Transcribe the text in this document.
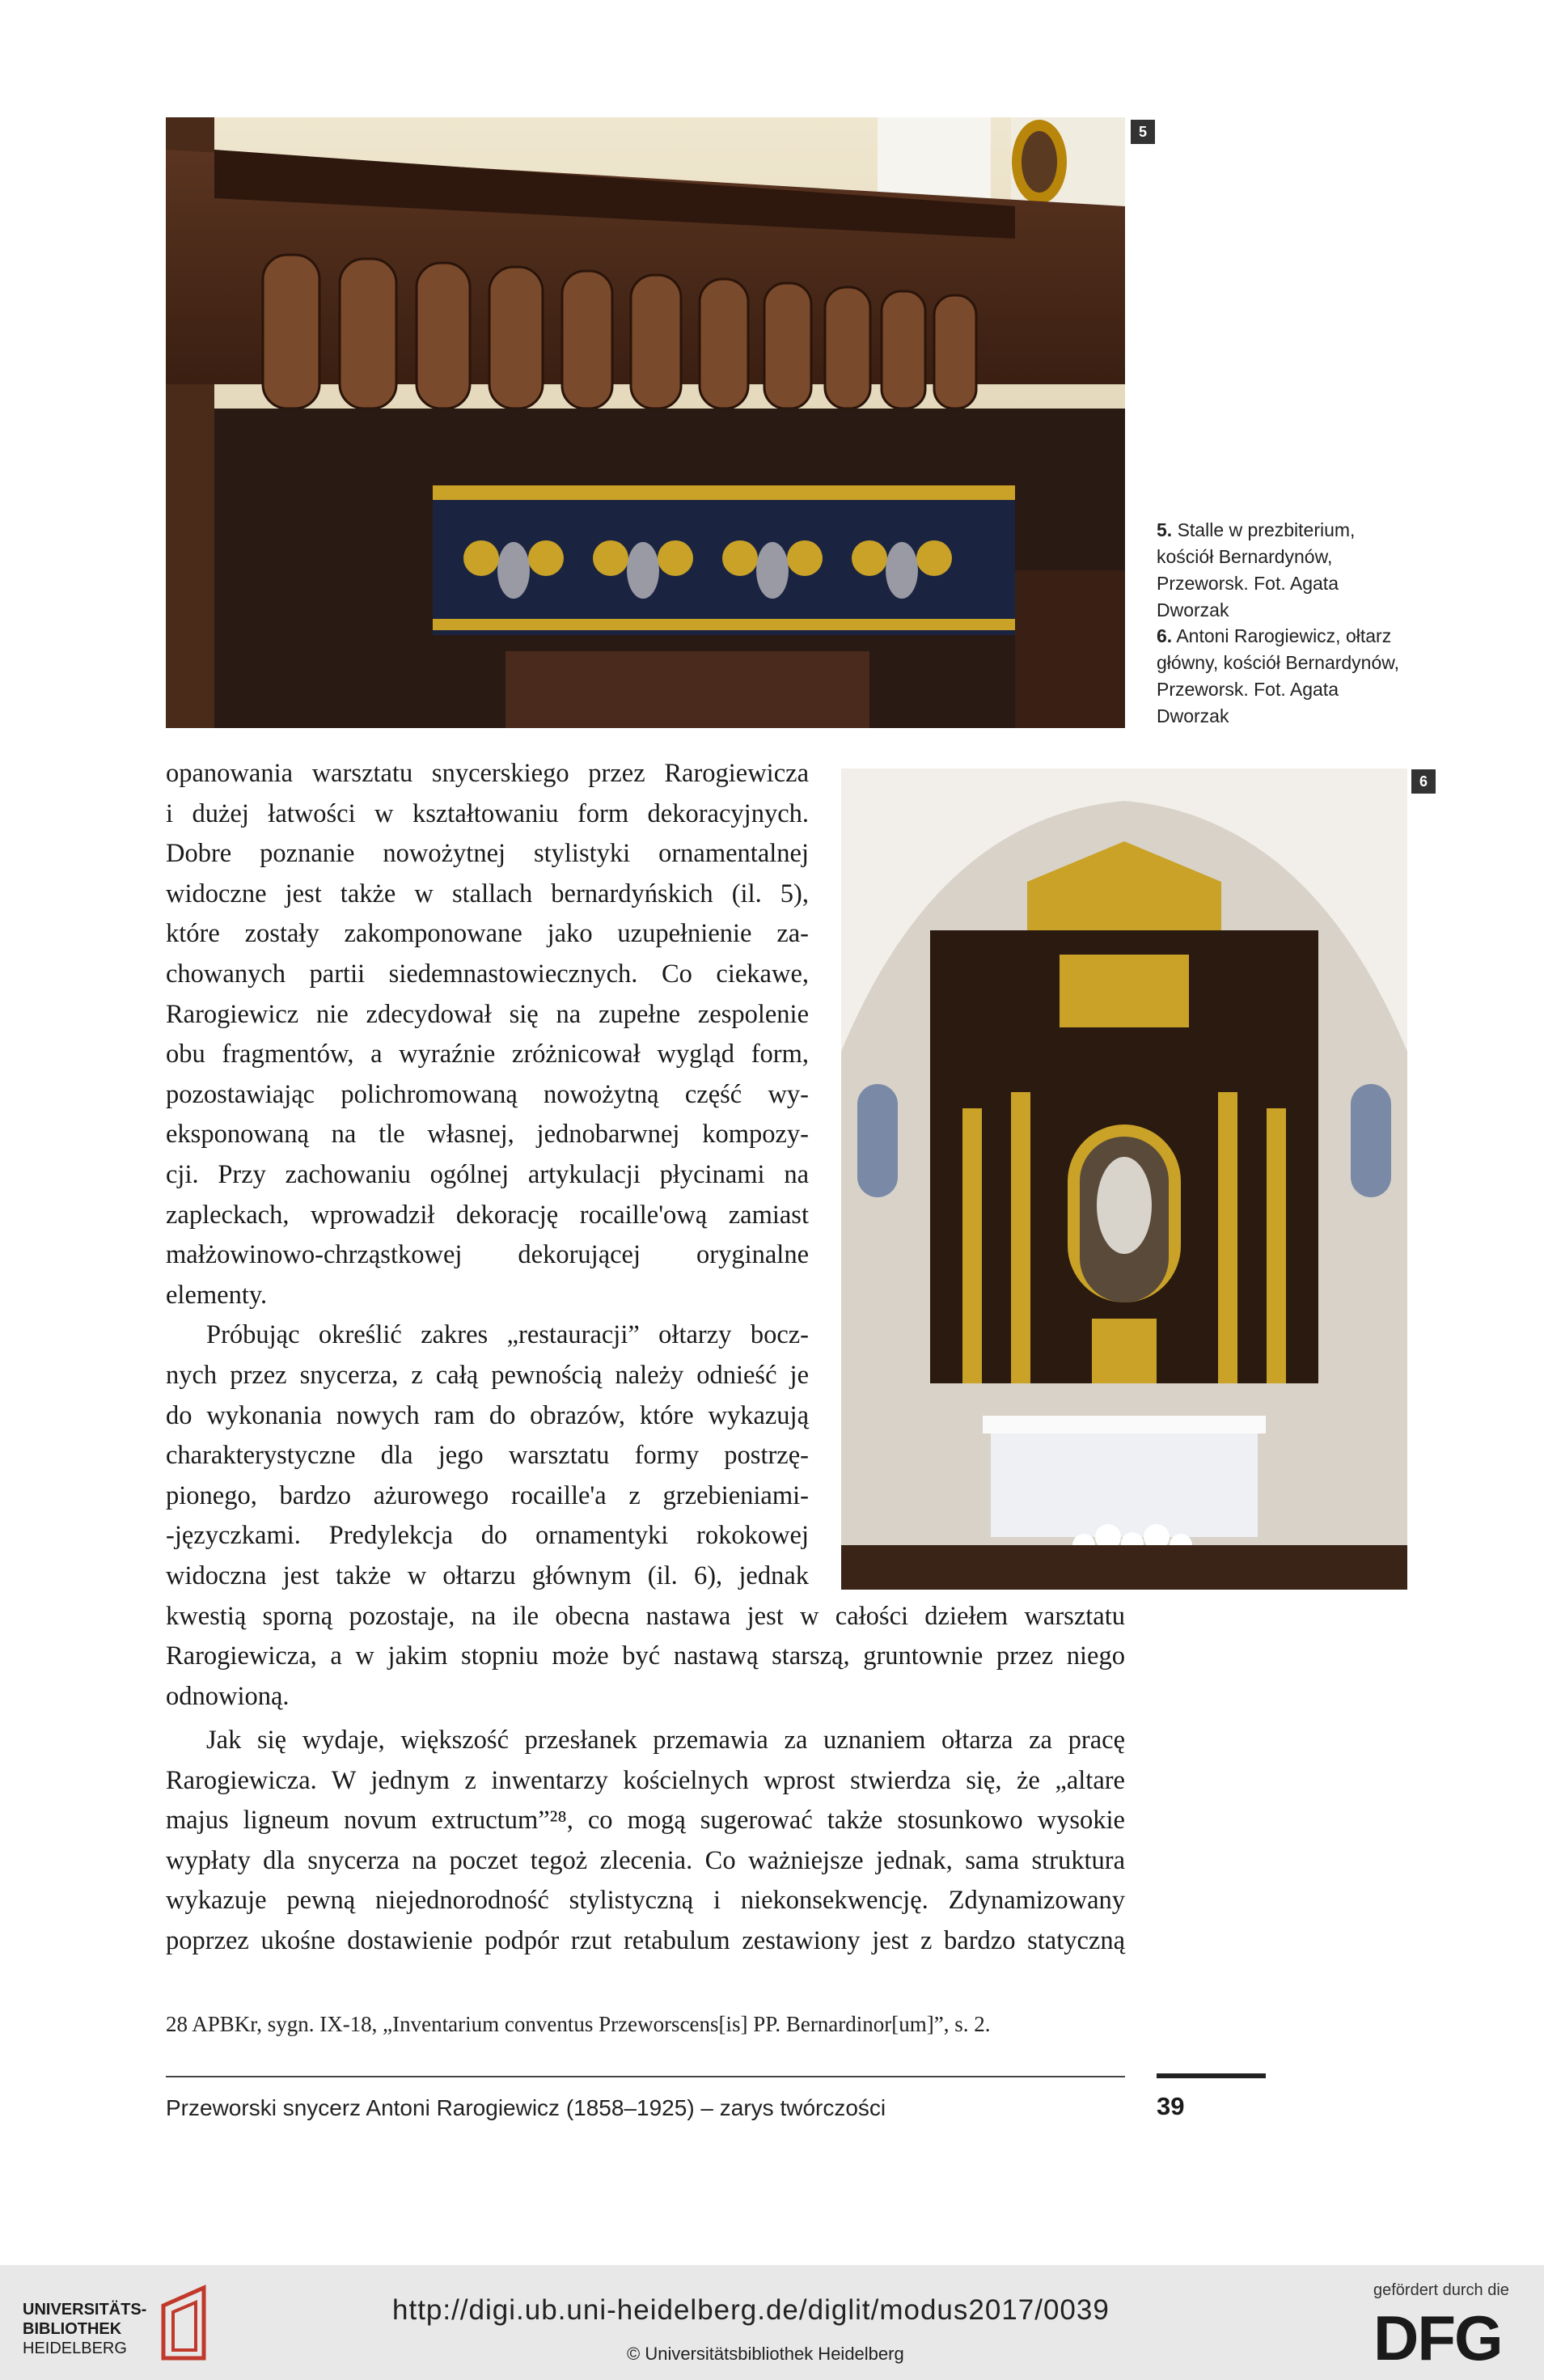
5
5. Stalle w prezbiterium, kościół Bernardynów, Przeworsk. Fot. Agata Dworzak
6. Antoni Rarogiewicz, ołtarz główny, kościół Bernardynów, Przeworsk. Fot. Agata Dworzak
6
opanowania warsztatu snycerskiego przez Rarogiewicza
i dużej łatwości w kształtowaniu form dekoracyjnych.
Dobre poznanie nowożytnej stylistyki ornamentalnej
widoczne jest także w stallach bernardyńskich (il. 5),
które zostały zakomponowane jako uzupełnienie za-
chowanych partii siedemnastowiecznych. Co ciekawe,
Rarogiewicz nie zdecydował się na zupełne zespolenie
obu fragmentów, a wyraźnie zróżnicował wygląd form,
pozostawiając polichromowaną nowożytną część wy-
eksponowaną na tle własnej, jednobarwnej kompozy-
cji. Przy zachowaniu ogólnej artykulacji płycinami na
zapleckach, wprowadził dekorację rocaille'ową zamiast
małżowinowo-chrząstkowej dekorującej oryginalne
elementy.
Próbując określić zakres „restauracji” ołtarzy bocz-
nych przez snycerza, z całą pewnością należy odnieść je
do wykonania nowych ram do obrazów, które wykazują
charakterystyczne dla jego warsztatu formy postrzę-
pionego, bardzo ażurowego rocaille'a z grzebieniami-
-języczkami. Predylekcja do ornamentyki rokokowej
widoczna jest także w ołtarzu głównym (il. 6), jednak
kwestią sporną pozostaje, na ile obecna nastawa jest w całości dziełem warsztatu
Rarogiewicza, a w jakim stopniu może być nastawą starszą, gruntownie przez niego
odnowioną.
Jak się wydaje, większość przesłanek przemawia za uznaniem ołtarza za pracę
Rarogiewicza. W jednym z inwentarzy kościelnych wprost stwierdza się, że „altare
majus ligneum novum extructum”²⁸, co mogą sugerować także stosunkowo wysokie
wypłaty dla snycerza na poczet tegoż zlecenia. Co ważniejsze jednak, sama struktura
wykazuje pewną niejednorodność stylistyczną i niekonsekwencję. Zdynamizowany
poprzez ukośne dostawienie podpór rzut retabulum zestawiony jest z bardzo statyczną
28 APBKr, sygn. IX-18, „Inventarium conventus Przeworscens[is] PP. Bernardinor[um]”, s. 2.
Przeworski snycerz Antoni Rarogiewicz (1858–1925) – zarys twórczości	39
UNIVERSITÄTS-
BIBLIOTHEK
HEIDELBERG
http://digi.ub.uni-heidelberg.de/diglit/modus2017/0039
© Universitätsbibliothek Heidelberg
gefördert durch die
DFG
